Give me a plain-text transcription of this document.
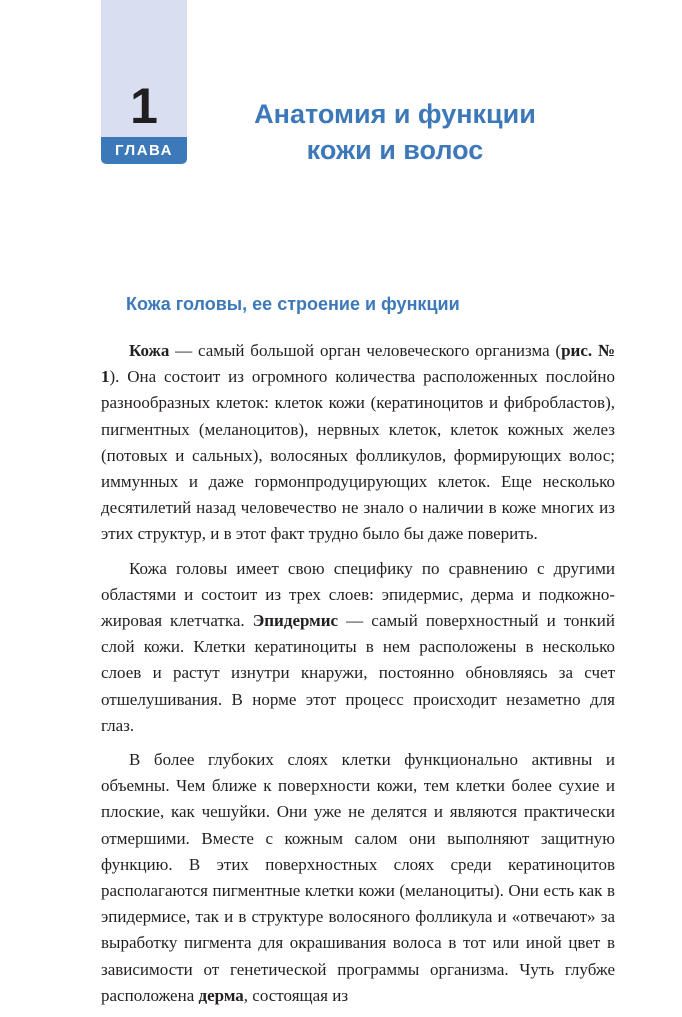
1
ГЛАВА
Анатомия и функции
кожи и волос
Кожа головы, ее строение и функции

Кожа — самый большой орган человеческого организма (рис. № 1). Она состоит из огромного количества расположенных послойно разнообразных клеток: клеток кожи (кератиноцитов и фибробластов), пигментных (меланоцитов), нервных клеток, клеток кожных желез (потовых и сальных), волосяных фолликулов, формирующих волос; иммунных и даже гормонпродуцирующих клеток. Еще несколько десятилетий назад человечество не знало о наличии в коже многих из этих структур, и в этот факт трудно было бы даже поверить.

Кожа головы имеет свою специфику по сравнению с другими областями и состоит из трех слоев: эпидермис, дерма и подкожно-жировая клетчатка. Эпидермис — самый поверхностный и тонкий слой кожи. Клетки кератиноциты в нем расположены в несколько слоев и растут изнутри кнаружи, постоянно обновляясь за счет отшелушивания. В норме этот процесс происходит незаметно для глаз.

В более глубоких слоях клетки функционально активны и объемны. Чем ближе к поверхности кожи, тем клетки более сухие и плоские, как чешуйки. Они уже не делятся и являются практически отмершими. Вместе с кожным салом они выполняют защитную функцию. В этих поверхностных слоях среди кератиноцитов располагаются пигментные клетки кожи (меланоциты). Они есть как в эпидермисе, так и в структуре волосяного фолликула и «отвечают» за выработку пигмента для окрашивания волоса в тот или иной цвет в зависимости от генетической программы организма. Чуть глубже расположена дерма, состоящая из
